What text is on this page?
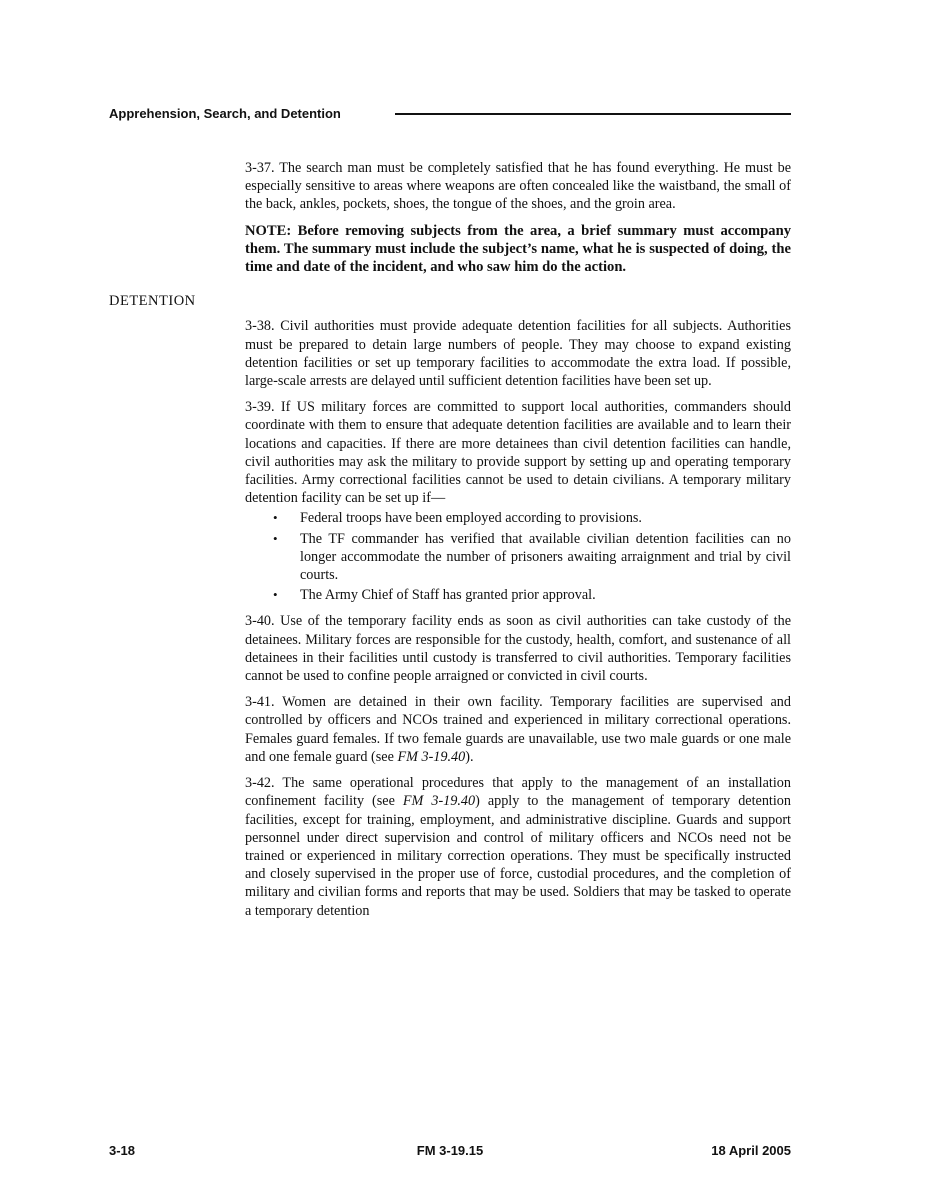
Apprehension, Search, and Detention

3-37. The search man must be completely satisfied that he has found everything. He must be especially sensitive to areas where weapons are often concealed like the waistband, the small of the back, ankles, pockets, shoes, the tongue of the shoes, and the groin area.

NOTE: Before removing subjects from the area, a brief summary must accompany them. The summary must include the subject’s name, what he is suspected of doing, the time and date of the incident, and who saw him do the action.

DETENTION

3-38. Civil authorities must provide adequate detention facilities for all subjects. Authorities must be prepared to detain large numbers of people. They may choose to expand existing detention facilities or set up temporary facilities to accommodate the extra load. If possible, large-scale arrests are delayed until sufficient detention facilities have been set up.

3-39. If US military forces are committed to support local authorities, commanders should coordinate with them to ensure that adequate detention facilities are available and to learn their locations and capacities. If there are more detainees than civil detention facilities can handle, civil authorities may ask the military to provide support by setting up and operating temporary facilities. Army correctional facilities cannot be used to detain civilians. A temporary military detention facility can be set up if—

• Federal troops have been employed according to provisions.
• The TF commander has verified that available civilian detention facilities can no longer accommodate the number of prisoners awaiting arraignment and trial by civil courts.
• The Army Chief of Staff has granted prior approval.

3-40. Use of the temporary facility ends as soon as civil authorities can take custody of the detainees. Military forces are responsible for the custody, health, comfort, and sustenance of all detainees in their facilities until custody is transferred to civil authorities. Temporary facilities cannot be used to confine people arraigned or convicted in civil courts.

3-41. Women are detained in their own facility. Temporary facilities are supervised and controlled by officers and NCOs trained and experienced in military correctional operations. Females guard females. If two female guards are unavailable, use two male guards or one male and one female guard (see FM 3-19.40).

3-42. The same operational procedures that apply to the management of an installation confinement facility (see FM 3-19.40) apply to the management of temporary detention facilities, except for training, employment, and administrative discipline. Guards and support personnel under direct supervision and control of military officers and NCOs need not be trained or experienced in military correction operations. They must be specifically instructed and closely supervised in the proper use of force, custodial procedures, and the completion of military and civilian forms and reports that may be used. Soldiers that may be tasked to operate a temporary detention

3-18	FM 3-19.15	18 April 2005
